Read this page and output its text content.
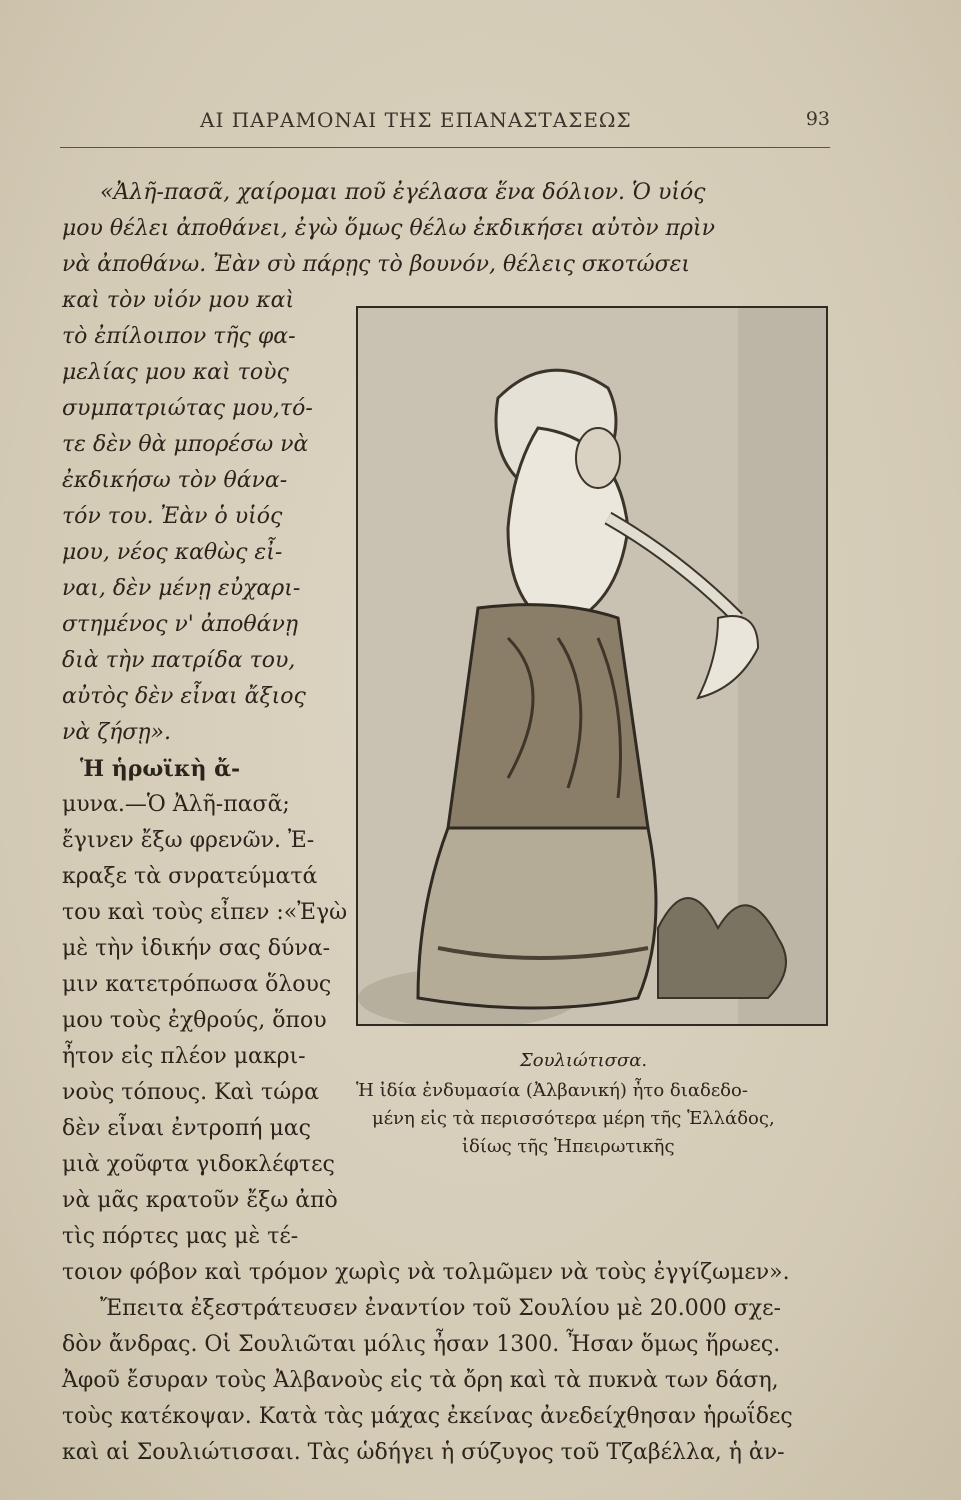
ΑΙ ΠΑΡΑΜΟΝΑΙ ΤΗΣ ΕΠΑΝΑΣΤΑΣΕΩΣ	93
«Ἀλῆ-πασᾶ, χαίρομαι ποῦ ἐγέλασα ἕνα δόλιον. Ὁ υἱός
μου θέλει ἀποθάνει, ἐγὼ ὅμως θέλω ἐκδικήσει αὐτὸν πρὶν
νὰ ἀποθάνω. Ἐὰν σὺ πάρῃς τὸ βουνόν, θέλεις σκοτώσει
καὶ τὸν υἱόν μου καὶ
τὸ ἐπίλοιπον τῆς φα-
μελίας μου καὶ τοὺς
συμπατριώτας μου,τό-
τε δὲν θὰ μπορέσω νὰ
ἐκδικήσω τὸν θάνα-
τόν του. Ἐὰν ὁ υἱός
μου, νέος καθὼς εἶ-
ναι, δὲν μένῃ εὐχαρι-
στημένος ν' ἀποθάνῃ
διὰ τὴν πατρίδα του,
αὐτὸς δὲν εἶναι ἄξιος
νὰ ζήσῃ».
Ἡ ἡρωϊκὴ ἄ-
μυνα.—Ὁ Ἀλῆ-πασᾶ;
ἔγινεν ἔξω φρενῶν. Ἐ-
κραξε τὰ σνρατεύματά
του καὶ τοὺς εἶπεν :«Ἐγὼ
μὲ τὴν ἰδικήν σας δύνα-
μιν κατετρόπωσα ὅλους
μου τοὺς ἐχθρούς, ὅπου
ἦτον εἰς πλέον μακρι-
νοὺς τόπους. Καὶ τώρα
δὲν εἶναι ἐντροπή μας
μιὰ χοῦφτα γιδοκλέφτες
νὰ μᾶς κρατοῦν ἔξω ἀπὸ
τὶς πόρτες μας μὲ τέ-
τοιον φόβον καὶ τρόμον χωρὶς νὰ τολμῶμεν νὰ τοὺς ἐγγίζωμεν».
Ἔπειτα ἐξεστράτευσεν ἐναντίον τοῦ Σουλίου μὲ 20.000 σχε-
δὸν ἄνδρας. Οἱ Σουλιῶται μόλις ἦσαν 1300. Ἦσαν ὅμως ἥρωες.
Ἀφοῦ ἔσυραν τοὺς Ἀλβανοὺς εἰς τὰ ὄρη καὶ τὰ πυκνὰ των δάση,
τοὺς κατέκοψαν. Κατὰ τὰς μάχας ἐκείνας ἀνεδείχθησαν ἡρωΐδες
καὶ αἱ Σουλιώτισσαι. Τὰς ὡδήγει ἡ σύζυγος τοῦ Τζαβέλλα, ἡ ἀν-
Σουλιώτισσα.
Ἡ ἰδία ἐνδυμασία (Ἀλβανική) ἦτο διαδεδο-
μένη εἰς τὰ περισσότερα μέρη τῆς Ἑλλάδος,
ἰδίως τῆς Ἠπειρωτικῆς
